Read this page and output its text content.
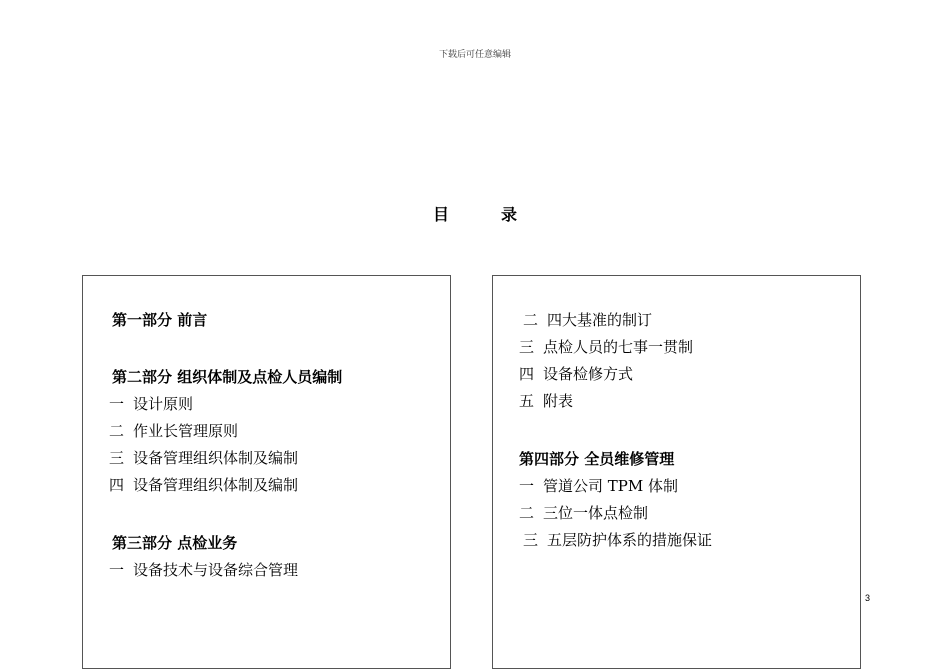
下载后可任意编辑
目	录
第一部分 前言
第二部分 组织体制及点检人员编制
一 设计原则
二 作业长管理原则
三 设备管理组织体制及编制
四 设备管理组织体制及编制
第三部分 点检业务
一 设备技术与设备综合管理
二 四大基准的制订
三 点检人员的七事一贯制
四 设备检修方式
五 附表
第四部分 全员维修管理
一 管道公司 TPM 体制
二 三位一体点检制
三 五层防护体系的措施保证
3
